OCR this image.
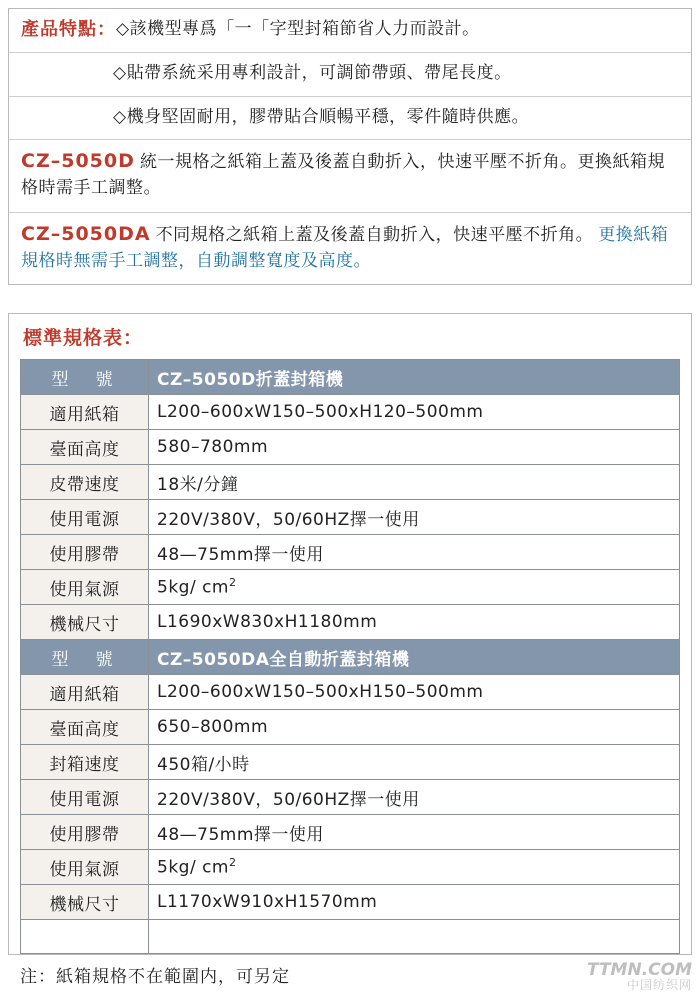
產品特點： ◇該機型專爲「一「字型封箱節省人力而設計。
◇貼帶系統采用專利設計，可調節帶頭、帶尾長度。
◇機身堅固耐用，膠帶貼合順暢平穩，零件隨時供應。
CZ–5050D 統一規格之紙箱上蓋及後蓋自動折入，快速平壓不折角。更換紙箱規格時需手工調整。
CZ–5050DA 不同規格之紙箱上蓋及後蓋自動折入，快速平壓不折角。 更換紙箱規格時無需手工調整，自動調整寬度及高度。
標準規格表：
型　號	CZ–5050D折蓋封箱機
適用紙箱	L200–600xW150–500xH120–500mm
臺面高度	580–780mm
皮帶速度	18米/分鐘
使用電源	220V/380V，50/60HZ擇一使用
使用膠帶	48—75mm擇一使用
使用氣源	5kg/ $cm^2$
機械尺寸	L1690xW830xH1180mm
型　號	CZ–5050DA全自動折蓋封箱機
適用紙箱	L200–600xW150–500xH150–500mm
臺面高度	650–800mm
封箱速度	450箱/小時
使用電源	220V/380V，50/60HZ擇一使用
使用膠帶	48—75mm擇一使用
使用氣源	5kg/ $cm^2$
機械尺寸	L1170xW910xH1570mm

注：紙箱規格不在範圍内，可另定	TTMN.COM
中国纺织网
